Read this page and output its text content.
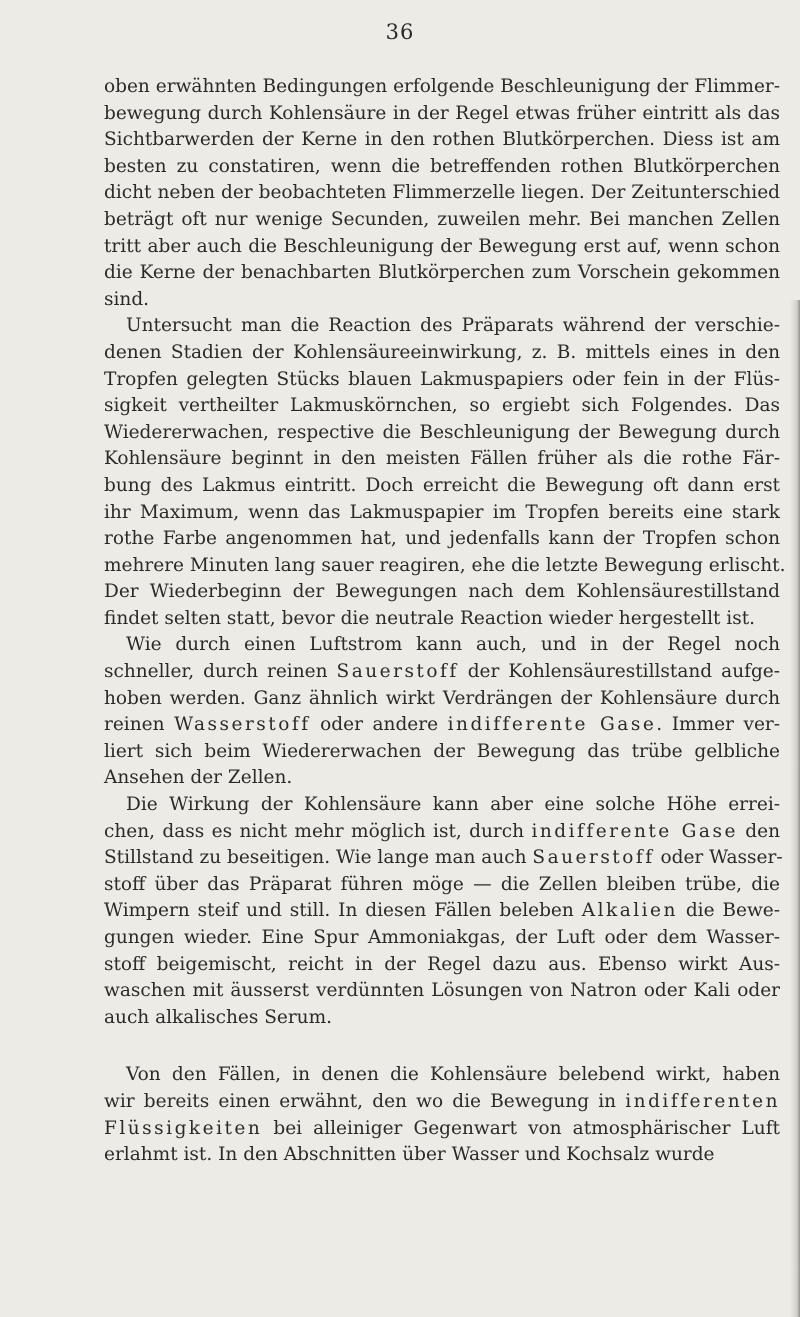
36

oben erwähnten Bedingungen erfolgende Beschleunigung der Flimmer-
bewegung durch Kohlensäure in der Regel etwas früher eintritt als das
Sichtbarwerden der Kerne in den rothen Blutkörperchen. Diess ist am
besten zu constatiren, wenn die betreffenden rothen Blutkörperchen
dicht neben der beobachteten Flimmerzelle liegen. Der Zeitunterschied
beträgt oft nur wenige Secunden, zuweilen mehr. Bei manchen Zellen
tritt aber auch die Beschleunigung der Bewegung erst auf, wenn schon
die Kerne der benachbarten Blutkörperchen zum Vorschein gekommen
sind.

Untersucht man die Reaction des Präparats während der verschie-
denen Stadien der Kohlensäureeinwirkung, z. B. mittels eines in den
Tropfen gelegten Stücks blauen Lakmuspapiers oder fein in der Flüs-
sigkeit vertheilter Lakmuskörnchen, so ergiebt sich Folgendes. Das
Wiedererwachen, respective die Beschleunigung der Bewegung durch
Kohlensäure beginnt in den meisten Fällen früher als die rothe Fär-
bung des Lakmus eintritt. Doch erreicht die Bewegung oft dann erst
ihr Maximum, wenn das Lakmuspapier im Tropfen bereits eine stark
rothe Farbe angenommen hat, und jedenfalls kann der Tropfen schon
mehrere Minuten lang sauer reagiren, ehe die letzte Bewegung erlischt.
Der Wiederbeginn der Bewegungen nach dem Kohlensäurestillstand
findet selten statt, bevor die neutrale Reaction wieder hergestellt ist.

Wie durch einen Luftstrom kann auch, und in der Regel noch
schneller, durch reinen Sauerstoff der Kohlensäurestillstand aufge-
hoben werden. Ganz ähnlich wirkt Verdrängen der Kohlensäure durch
reinen Wasserstoff oder andere indifferente Gase. Immer ver-
liert sich beim Wiedererwachen der Bewegung das trübe gelbliche
Ansehen der Zellen.

Die Wirkung der Kohlensäure kann aber eine solche Höhe errei-
chen, dass es nicht mehr möglich ist, durch indifferente Gase den
Stillstand zu beseitigen. Wie lange man auch Sauerstoff oder Wasser-
stoff über das Präparat führen möge — die Zellen bleiben trübe, die
Wimpern steif und still. In diesen Fällen beleben Alkalien die Bewe-
gungen wieder. Eine Spur Ammoniakgas, der Luft oder dem Wasser-
stoff beigemischt, reicht in der Regel dazu aus. Ebenso wirkt Aus-
waschen mit äusserst verdünnten Lösungen von Natron oder Kali oder
auch alkalisches Serum.

Von den Fällen, in denen die Kohlensäure belebend wirkt, haben
wir bereits einen erwähnt, den wo die Bewegung in indifferenten
Flüssigkeiten bei alleiniger Gegenwart von atmosphärischer Luft
erlahmt ist. In den Abschnitten über Wasser und Kochsalz wurde
